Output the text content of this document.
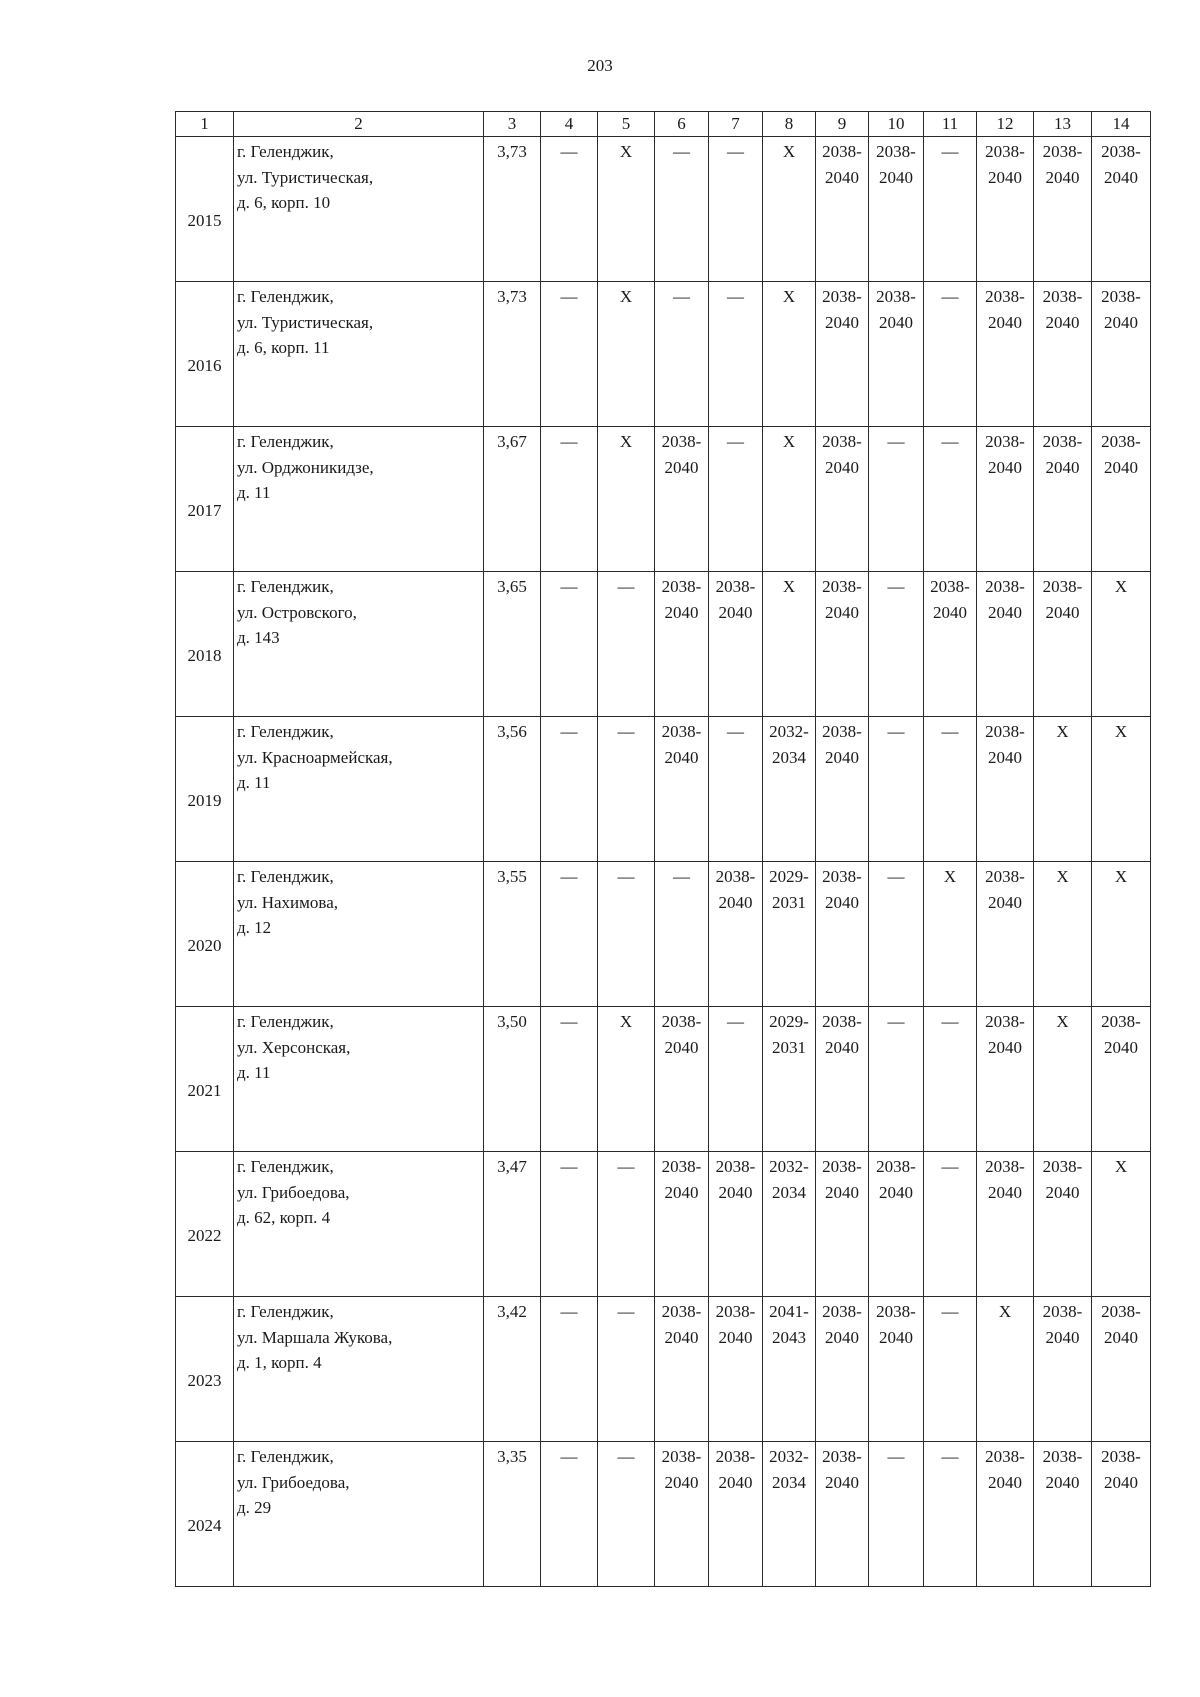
203
1	2	3	4	5	6	7	8	9	10	11	12	13	14
2015	г. Геленджик,
ул. Туристическая,
д. 6, корп. 10	3,73	—	Х	—	—	Х	2038-
2040	2038-
2040	—	2038-
2040	2038-
2040	2038-
2040

2016	г. Геленджик,
ул. Туристическая,
д. 6, корп. 11	3,73	—	Х	—	—	Х	2038-
2040	2038-
2040	—	2038-
2040	2038-
2040	2038-
2040

2017	г. Геленджик,
ул. Орджоникидзе,
д. 11	3,67	—	Х	2038-
2040	—	Х	2038-
2040	—	—	2038-
2040	2038-
2040	2038-
2040

2018	г. Геленджик,
ул. Островского,
д. 143	3,65	—	—	2038-
2040	2038-
2040	Х	2038-
2040	—	2038-
2040	2038-
2040	2038-
2040	Х

2019	г. Геленджик,
ул. Красноармейская,
д. 11	3,56	—	—	2038-
2040	—	2032-
2034	2038-
2040	—	—	2038-
2040	Х	Х

2020	г. Геленджик,
ул. Нахимова,
д. 12	3,55	—	—	—	2038-
2040	2029-
2031	2038-
2040	—	Х	2038-
2040	Х	Х

2021	г. Геленджик,
ул. Херсонская,
д. 11	3,50	—	Х	2038-
2040	—	2029-
2031	2038-
2040	—	—	2038-
2040	Х	2038-
2040

2022	г. Геленджик,
ул. Грибоедова,
д. 62, корп. 4	3,47	—	—	2038-
2040	2038-
2040	2032-
2034	2038-
2040	2038-
2040	—	2038-
2040	2038-
2040	Х

2023	г. Геленджик,
ул. Маршала Жукова,
д. 1, корп. 4	3,42	—	—	2038-
2040	2038-
2040	2041-
2043	2038-
2040	2038-
2040	—	Х	2038-
2040	2038-
2040

2024	г. Геленджик,
ул. Грибоедова,
д. 29	3,35	—	—	2038-
2040	2038-
2040	2032-
2034	2038-
2040	—	—	2038-
2040	2038-
2040	2038-
2040
